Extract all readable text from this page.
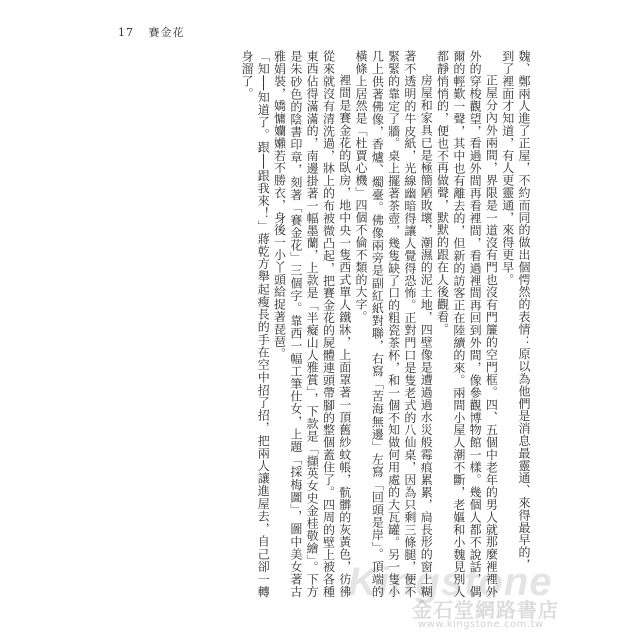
17 賽金花

魏、鄭兩人進了正屋，不約而同的做出個愕然的表情：原以為他們是消息最靈通、來得最早的，

到了裡面才知道，有人更靈通，來得更早。

正屋分內外兩間，界限是一道沒有門也沒有門簾的空門框。四、五個中老年的男人就那麼裡裡外外的穿梭觀望，看過外間再看裡間，看過裡間再回到外間，像參觀博物館一樣。幾個人都不說話，偶爾的輕歎一聲，其中也有離去的，但新的訪客正在陸續的來。兩間小屋人潮不斷，老嫗和小魏見別人都靜悄悄的，便也不再做聲，默默的跟在人後觀看。

房屋和家具已是極簡陋敗壞，潮濕的泥土地，四壁像是遭過過水災般霉痕累累，扃長形的窗上糊著不透明的牛皮紙，光線幽暗得讓人覺得恐怖。正對門口是隻老式的八仙桌，因為只剩三條腿，便不緊緊的靠定了牆。桌上擺著茶壺，幾隻缺了口的粗瓷茶杯，和一個不知做何用處的大瓦罐。另一隻小几上供著佛像，香爐、燭臺。佛像兩旁是副紅紙對聯，右寫「苦海無邊」左寫「回頭是岸」。頂端的橫條上居然是「杜賈心機」四個不倫不類的大字。

裡間是賽金花的臥房，地中央一隻西式單人鐵牀，上面罩著一頂舊紗蚊帳，骯髒的灰黃色，彷彿從來就沒有清洗過，牀上的布被微凸起，把賽金花的屍體連頭帶腳的整個蓋住了。四周的壁上被各種東西佔得滿滿的，南邊掛著一幅墨蘭，上款是「半癡山人雅賞」，下款是「擷英女史金桂敬繪」。下方是朱砂色的陰書印章，刻著「賽金花」三個字。靠西一幅工筆仕女，上題「採梅圖」，圖中美女著古雅娟裝，嬌慵孏嬾若不勝衣，身後一小丫頭給捉著琵琶。

「知──知道了。跟──跟我來！」蔣乾方舉起瘦長的手在空中招了招，把兩人讓進屋去，自己卻一轉身溜了。

Kingstone
金石堂網路書店
www.kingstone.com.tw
